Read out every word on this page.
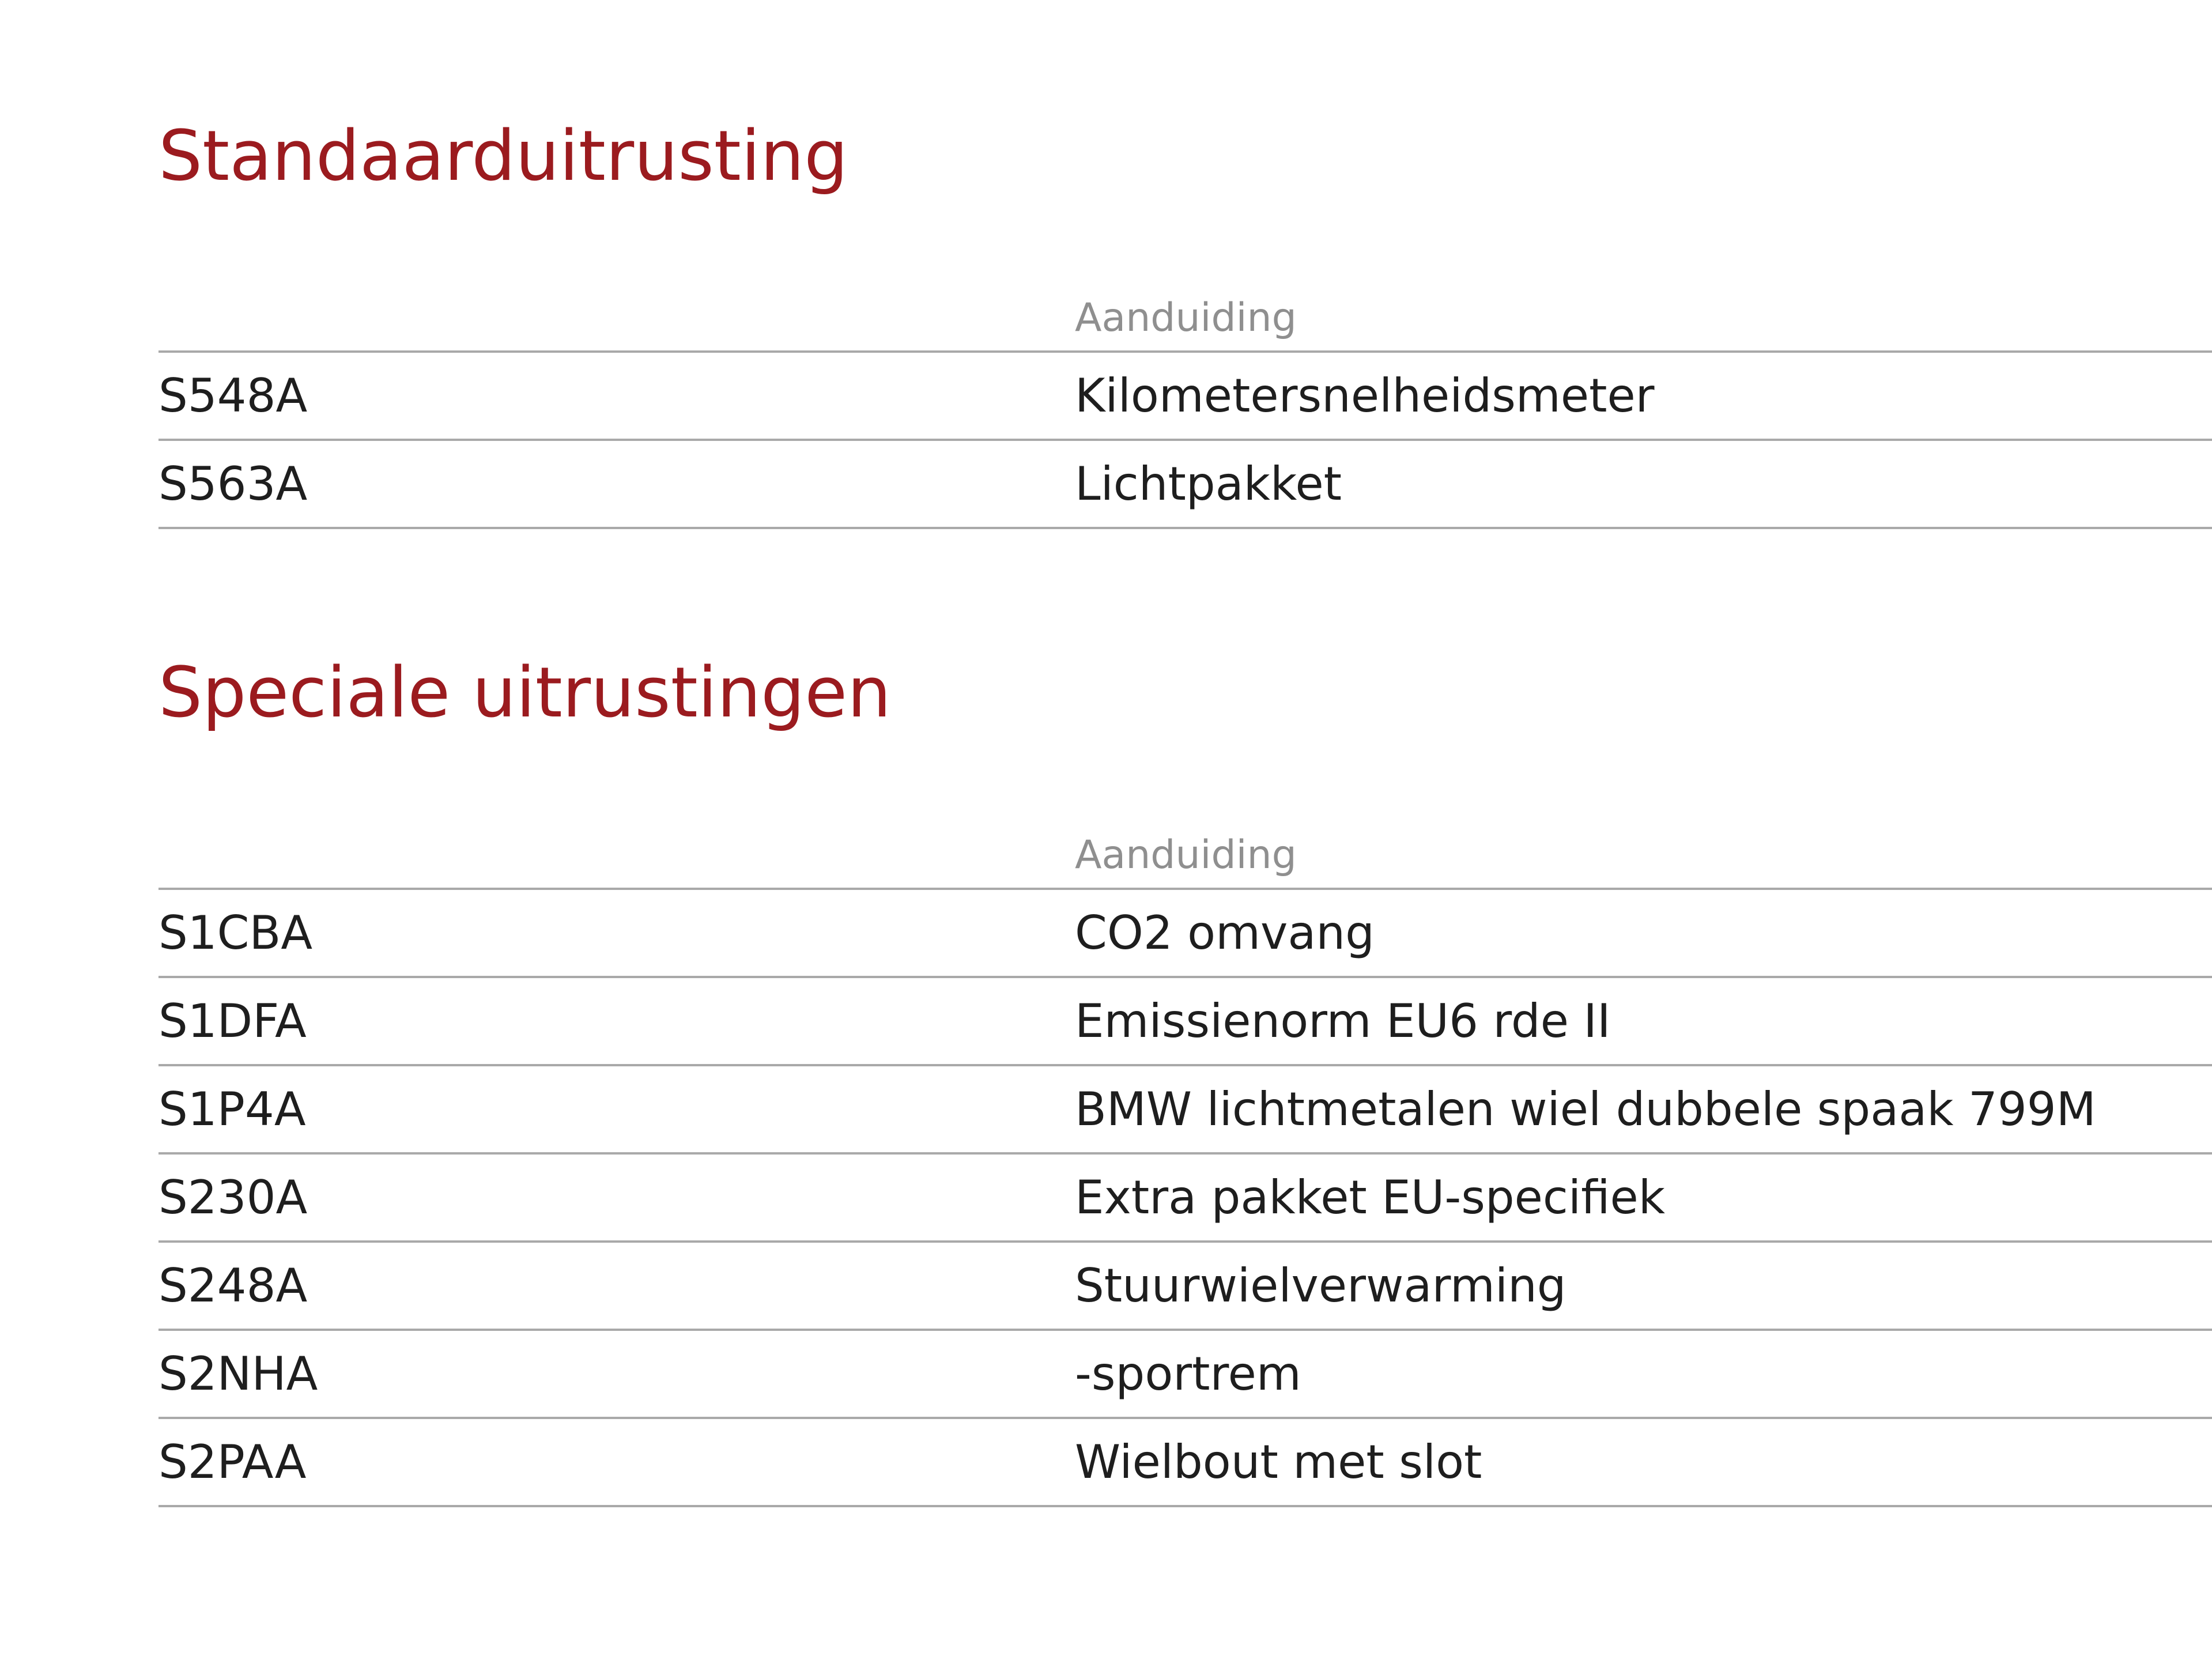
Standaarduitrusting
Aanduiding
S548A	Kilometersnelheidsmeter
S563A	Lichtpakket
Speciale uitrustingen
Aanduiding
S1CBA	CO2 omvang
S1DFA	Emissienorm EU6 rde II
S1P4A	BMW lichtmetalen wiel dubbele spaak 799M
S230A	Extra pakket EU-specifiek
S248A	Stuurwielverwarming
S2NHA	-sportrem
S2PAA	Wielbout met slot
